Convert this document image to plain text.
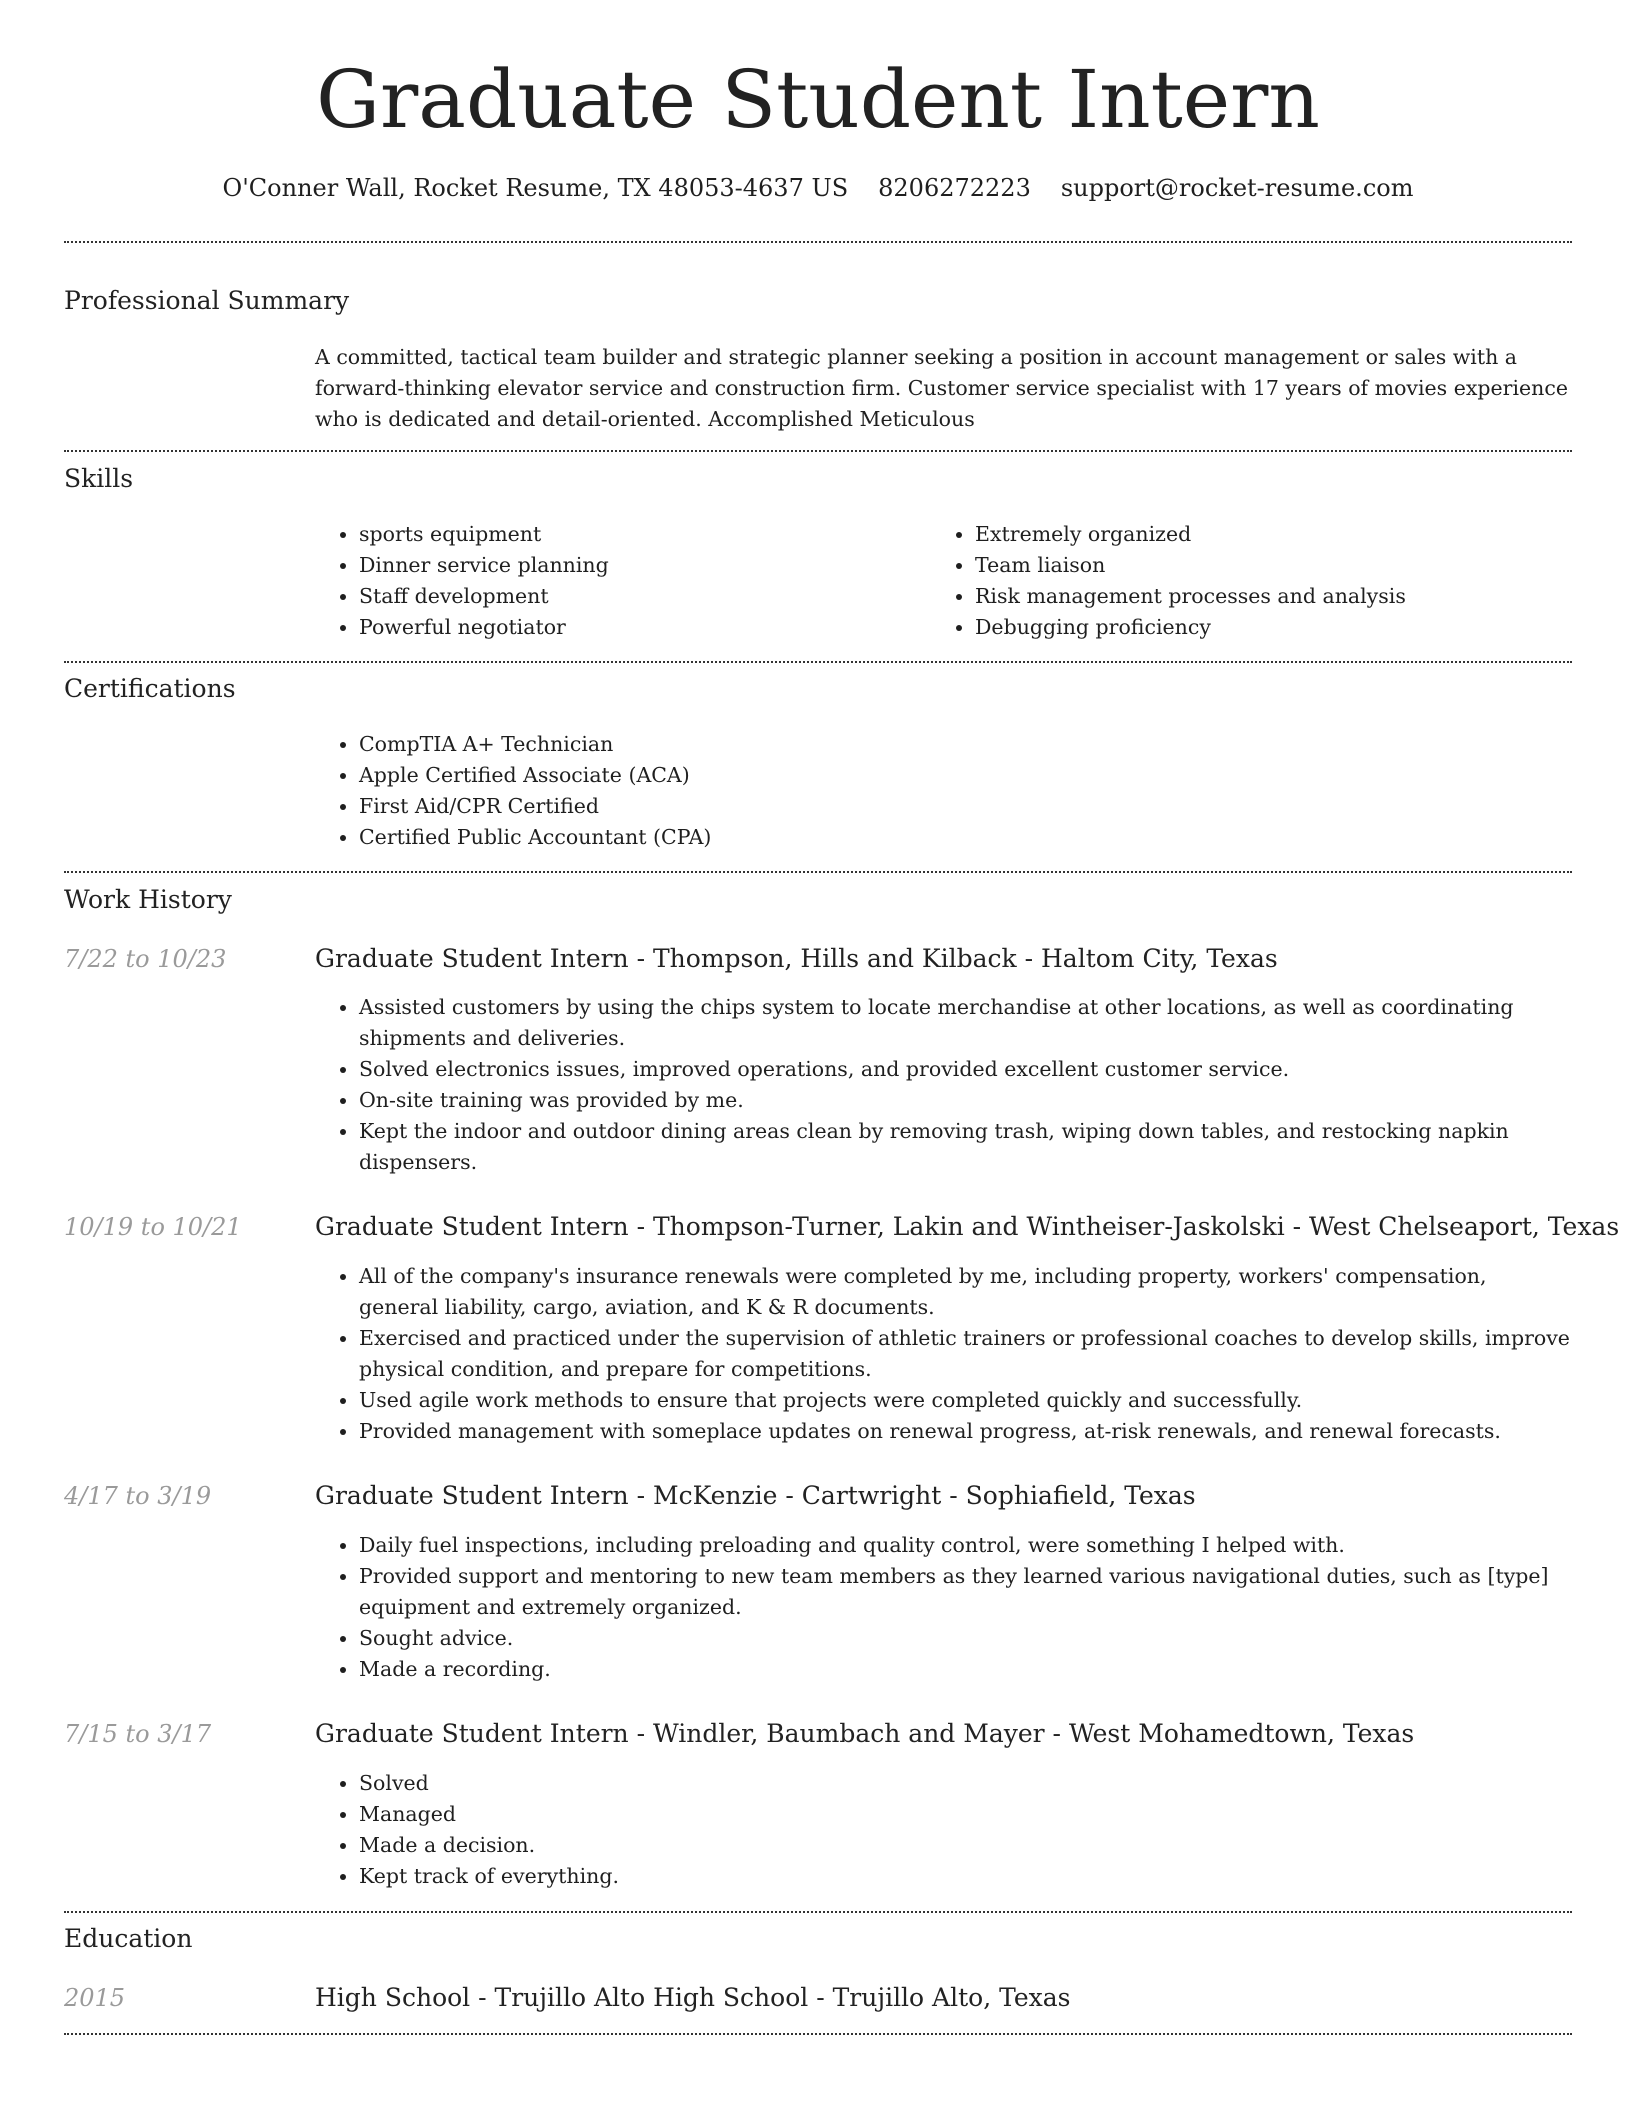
Graduate Student Intern
O'Conner Wall, Rocket Resume, TX 48053-4637 US 8206272223 support@rocket-resume.com
Professional Summary

A committed, tactical team builder and strategic planner seeking a position in account management or sales with a forward-thinking elevator service and construction firm. Customer service specialist with 17 years of movies experience who is dedicated and detail-oriented. Accomplished Meticulous

Skills
• sports equipment
• Dinner service planning
• Staff development
• Powerful negotiator
• Extremely organized
• Team liaison
• Risk management processes and analysis
• Debugging proficiency
Certifications
• CompTIA A+ Technician
• Apple Certified Associate (ACA)
• First Aid/CPR Certified
• Certified Public Accountant (CPA)
Work History
7/22 to 10/23	Graduate Student Intern - Thompson, Hills and Kilback - Haltom City, Texas
• Assisted customers by using the chips system to locate merchandise at other locations, as well as coordinating shipments and deliveries.
• Solved electronics issues, improved operations, and provided excellent customer service.
• On-site training was provided by me.
• Kept the indoor and outdoor dining areas clean by removing trash, wiping down tables, and restocking napkin dispensers.
10/19 to 10/21	Graduate Student Intern - Thompson-Turner, Lakin and Wintheiser-Jaskolski - West Chelseaport, Texas
• All of the company's insurance renewals were completed by me, including property, workers' compensation, general liability, cargo, aviation, and K & R documents.
• Exercised and practiced under the supervision of athletic trainers or professional coaches to develop skills, improve physical condition, and prepare for competitions.
• Used agile work methods to ensure that projects were completed quickly and successfully.
• Provided management with someplace updates on renewal progress, at-risk renewals, and renewal forecasts.
4/17 to 3/19	Graduate Student Intern - McKenzie - Cartwright - Sophiafield, Texas
• Daily fuel inspections, including preloading and quality control, were something I helped with.
• Provided support and mentoring to new team members as they learned various navigational duties, such as [type] equipment and extremely organized.
• Sought advice.
• Made a recording.
7/15 to 3/17	Graduate Student Intern - Windler, Baumbach and Mayer - West Mohamedtown, Texas
• Solved
• Managed
• Made a decision.
• Kept track of everything.
Education
2015	High School - Trujillo Alto High School - Trujillo Alto, Texas
